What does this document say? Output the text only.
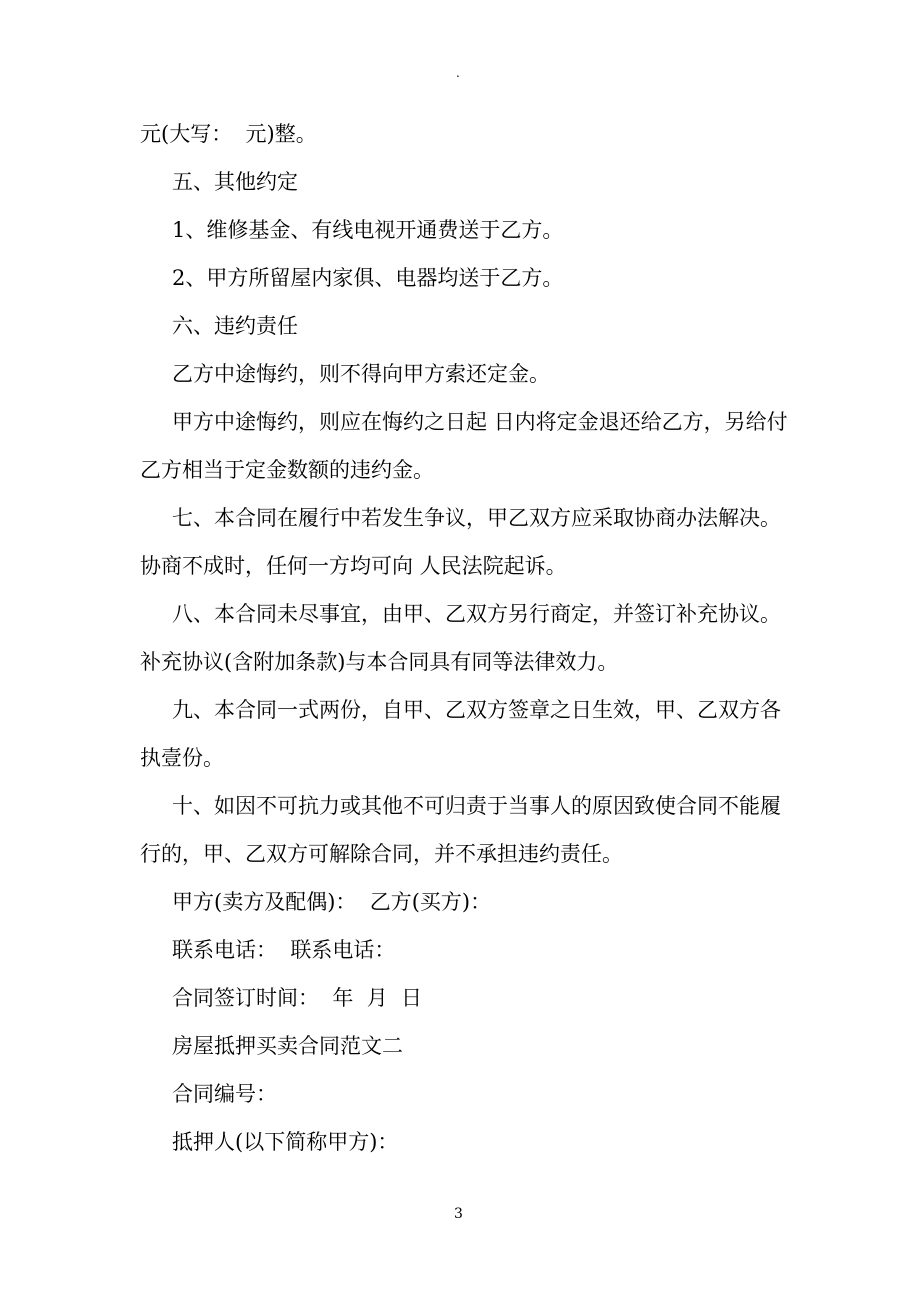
.

元(大写：  元)整。

五、其他约定

1、维修基金、有线电视开通费送于乙方。

2、甲方所留屋内家俱、电器均送于乙方。

六、违约责任

乙方中途悔约，则不得向甲方索还定金。

甲方中途悔约，则应在悔约之日起 日内将定金退还给乙方，另给付乙方相当于定金数额的违约金。

七、本合同在履行中若发生争议，甲乙双方应采取协商办法解决。协商不成时，任何一方均可向 人民法院起诉。

八、本合同未尽事宜，由甲、乙双方另行商定，并签订补充协议。补充协议(含附加条款)与本合同具有同等法律效力。

九、本合同一式两份，自甲、乙双方签章之日生效，甲、乙双方各执壹份。

十、如因不可抗力或其他不可归责于当事人的原因致使合同不能履行的，甲、乙双方可解除合同，并不承担违约责任。

甲方(卖方及配偶)：  乙方(买方)：

联系电话：  联系电话：

合同签订时间：  年  月  日

房屋抵押买卖合同范文二

合同编号：

抵押人(以下简称甲方)：

3
